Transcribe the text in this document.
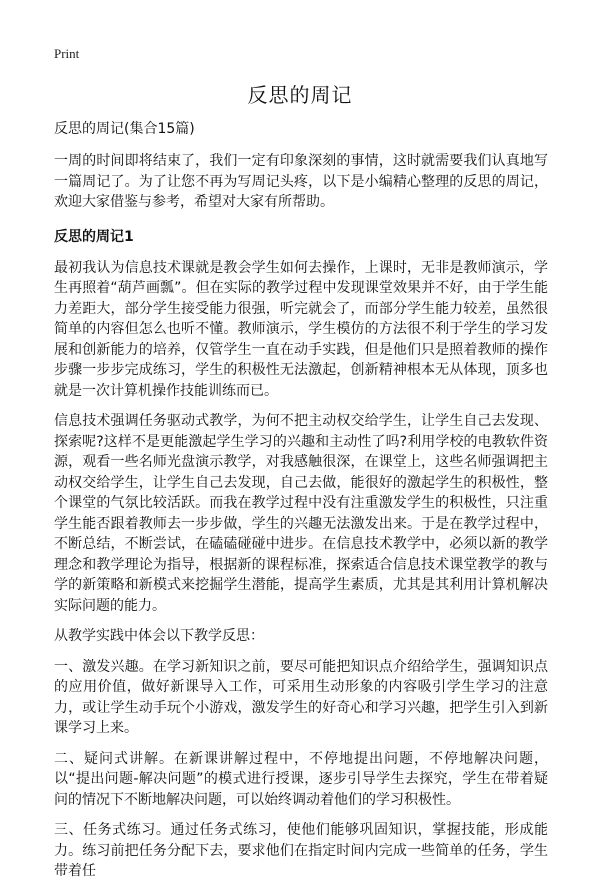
Print
反思的周记

反思的周记(集合15篇)

一周的时间即将结束了，我们一定有印象深刻的事情，这时就需要我们认真地写一篇周记了。为了让您不再为写周记头疼，以下是小编精心整理的反思的周记，欢迎大家借鉴与参考，希望对大家有所帮助。

反思的周记1

最初我认为信息技术课就是教会学生如何去操作，上课时，无非是教师演示，学生再照着“葫芦画瓢”。但在实际的教学过程中发现课堂效果并不好，由于学生能力差距大，部分学生接受能力很强，听完就会了，而部分学生能力较差，虽然很简单的内容但怎么也听不懂。教师演示，学生模仿的方法很不利于学生的学习发展和创新能力的培养，仅管学生一直在动手实践，但是他们只是照着教师的操作步骤一步步完成练习，学生的积极性无法激起，创新精神根本无从体现，顶多也就是一次计算机操作技能训练而已。

信息技术强调任务驱动式教学，为何不把主动权交给学生，让学生自己去发现、探索呢?这样不是更能激起学生学习的兴趣和主动性了吗?利用学校的电教软件资源，观看一些名师光盘演示教学，对我感触很深，在课堂上，这些名师强调把主动权交给学生，让学生自己去发现，自己去做，能很好的激起学生的积极性，整个课堂的气氛比较活跃。而我在教学过程中没有注重激发学生的积极性，只注重学生能否跟着教师去一步步做，学生的兴趣无法激发出来。于是在教学过程中，不断总结，不断尝试，在磕磕碰碰中进步。在信息技术教学中，必须以新的教学理念和教学理论为指导，根据新的课程标准，探索适合信息技术课堂教学的教与学的新策略和新模式来挖掘学生潜能，提高学生素质，尤其是其利用计算机解决实际问题的能力。

从教学实践中体会以下教学反思：

一、激发兴趣。在学习新知识之前，要尽可能把知识点介绍给学生，强调知识点的应用价值，做好新课导入工作，可采用生动形象的内容吸引学生学习的注意力，或让学生动手玩个小游戏，激发学生的好奇心和学习兴趣，把学生引入到新课学习上来。

二、疑问式讲解。在新课讲解过程中，不停地提出问题，不停地解决问题，以“提出问题-解决问题”的模式进行授课，逐步引导学生去探究，学生在带着疑问的情况下不断地解决问题，可以始终调动着他们的学习积极性。

三、任务式练习。通过任务式练习，使他们能够巩固知识，掌握技能，形成能力。练习前把任务分配下去，要求他们在指定时间内完成一些简单的任务，学生带着任
